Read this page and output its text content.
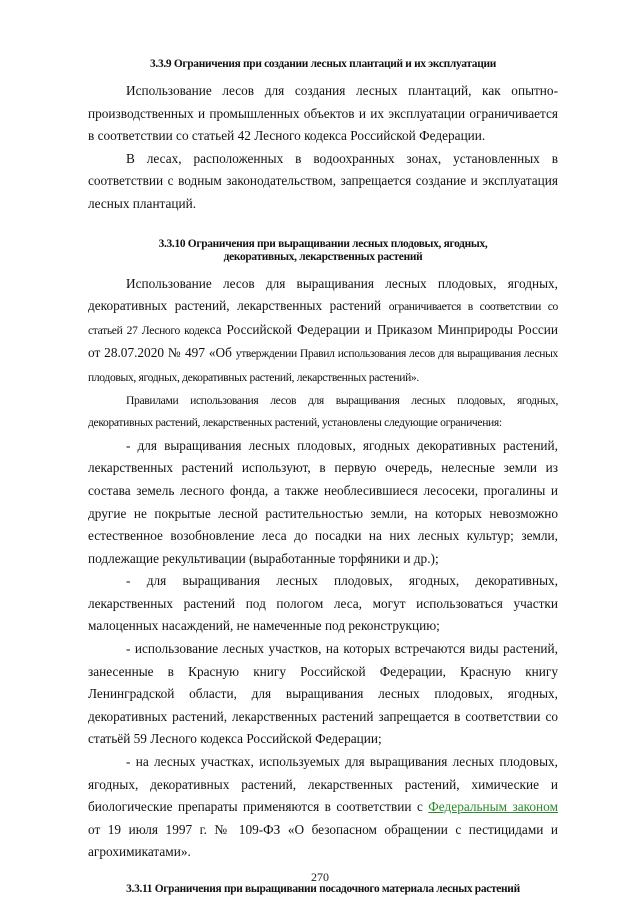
3.3.9 Ограничения при создании лесных плантаций и их эксплуатации

Использование лесов для создания лесных плантаций, как опытно-производственных и промышленных объектов и их эксплуатации ограничивается в соответствии со статьей 42 Лесного кодекса Российской Федерации.

В лесах, расположенных в водоохранных зонах, установленных в соответствии с водным законодательством, запрещается создание и эксплуатация лесных плантаций.

3.3.10 Ограничения при выращивании лесных плодовых, ягодных,
декоративных, лекарственных растений

Использование лесов для выращивания лесных плодовых, ягодных, декоративных растений, лекарственных растений ограничивается в соответствии со статьей 27 Лесного кодекса Российской Федерации и Приказом Минприроды России от 28.07.2020 № 497 «Об утверждении Правил использования лесов для выращивания лесных плодовых, ягодных, декоративных растений, лекарственных растений».

Правилами использования лесов для выращивания лесных плодовых, ягодных, декоративных растений, лекарственных растений, установлены следующие ограничения:

- для выращивания лесных плодовых, ягодных декоративных растений, лекарственных растений используют, в первую очередь, нелесные земли из состава земель лесного фонда, а также необлесившиеся лесосеки, прогалины и другие не покрытые лесной растительностью земли, на которых невозможно естественное возобновление леса до посадки на них лесных культур; земли, подлежащие рекультивации (выработанные торфяники и др.);

- для выращивания лесных плодовых, ягодных, декоративных, лекарственных растений под пологом леса, могут использоваться участки малоценных насаждений, не намеченные под реконструкцию;

- использование лесных участков, на которых встречаются виды растений, занесенные в Красную книгу Российской Федерации, Красную книгу Ленинградской области, для выращивания лесных плодовых, ягодных, декоративных растений, лекарственных растений запрещается в соответствии со статьёй 59 Лесного кодекса Российской Федерации;

- на лесных участках, используемых для выращивания лесных плодовых, ягодных, декоративных растений, лекарственных растений, химические и биологические препараты применяются в соответствии с Федеральным законом от 19 июля 1997 г. № 109-ФЗ «О безопасном обращении с пестицидами и агрохимикатами».

3.3.11 Ограничения при выращивании посадочного материала лесных растений
270
